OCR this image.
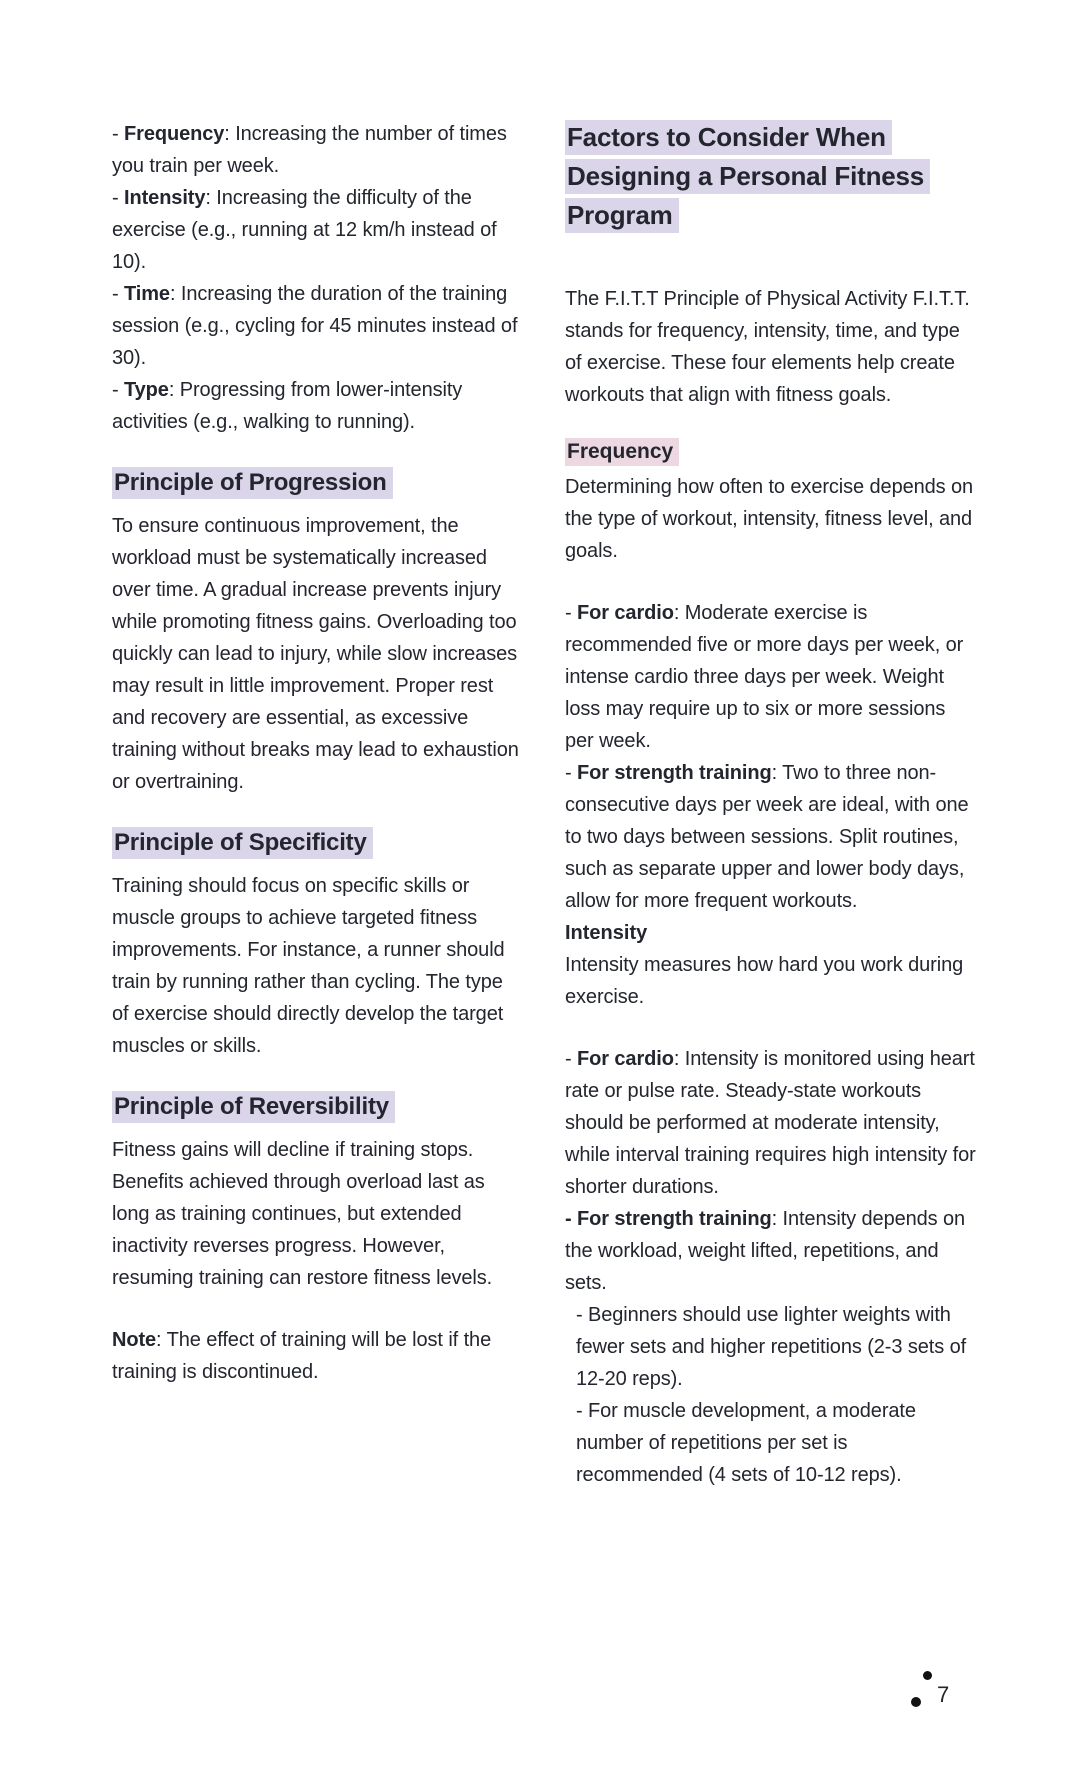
- Frequency: Increasing the number of times you train per week.

- Intensity: Increasing the difficulty of the exercise (e.g., running at 12 km/h instead of 10).

- Time: Increasing the duration of the training session (e.g., cycling for 45 minutes instead of 30).

- Type: Progressing from lower-intensity activities (e.g., walking to running).

Principle of Progression

To ensure continuous improvement, the workload must be systematically increased over time. A gradual increase prevents injury while promoting fitness gains. Overloading too quickly can lead to injury, while slow increases may result in little improvement. Proper rest and recovery are essential, as excessive training without breaks may lead to exhaustion or overtraining.

Principle of Specificity

Training should focus on specific skills or muscle groups to achieve targeted fitness improvements. For instance, a runner should train by running rather than cycling. The type of exercise should directly develop the target muscles or skills.

Principle of Reversibility

Fitness gains will decline if training stops. Benefits achieved through overload last as long as training continues, but extended inactivity reverses progress. However, resuming training can restore fitness levels.

Note: The effect of training will be lost if the training is discontinued.

Factors to Consider When Designing a Personal Fitness Program

The F.I.T.T Principle of Physical Activity F.I.T.T. stands for frequency, intensity, time, and type of exercise. These four elements help create workouts that align with fitness goals.

Frequency

Determining how often to exercise depends on the type of workout, intensity, fitness level, and goals.

- For cardio: Moderate exercise is recommended five or more days per week, or intense cardio three days per week. Weight loss may require up to six or more sessions per week.

- For strength training: Two to three non-consecutive days per week are ideal, with one to two days between sessions. Split routines, such as separate upper and lower body days, allow for more frequent workouts.

Intensity

Intensity measures how hard you work during exercise.

- For cardio: Intensity is monitored using heart rate or pulse rate. Steady-state workouts should be performed at moderate intensity, while interval training requires high intensity for shorter durations.

- For strength training: Intensity depends on the workload, weight lifted, repetitions, and sets.

- Beginners should use lighter weights with fewer sets and higher repetitions (2-3 sets of 12-20 reps).

- For muscle development, a moderate number of repetitions per set is recommended (4 sets of 10-12 reps).

7
